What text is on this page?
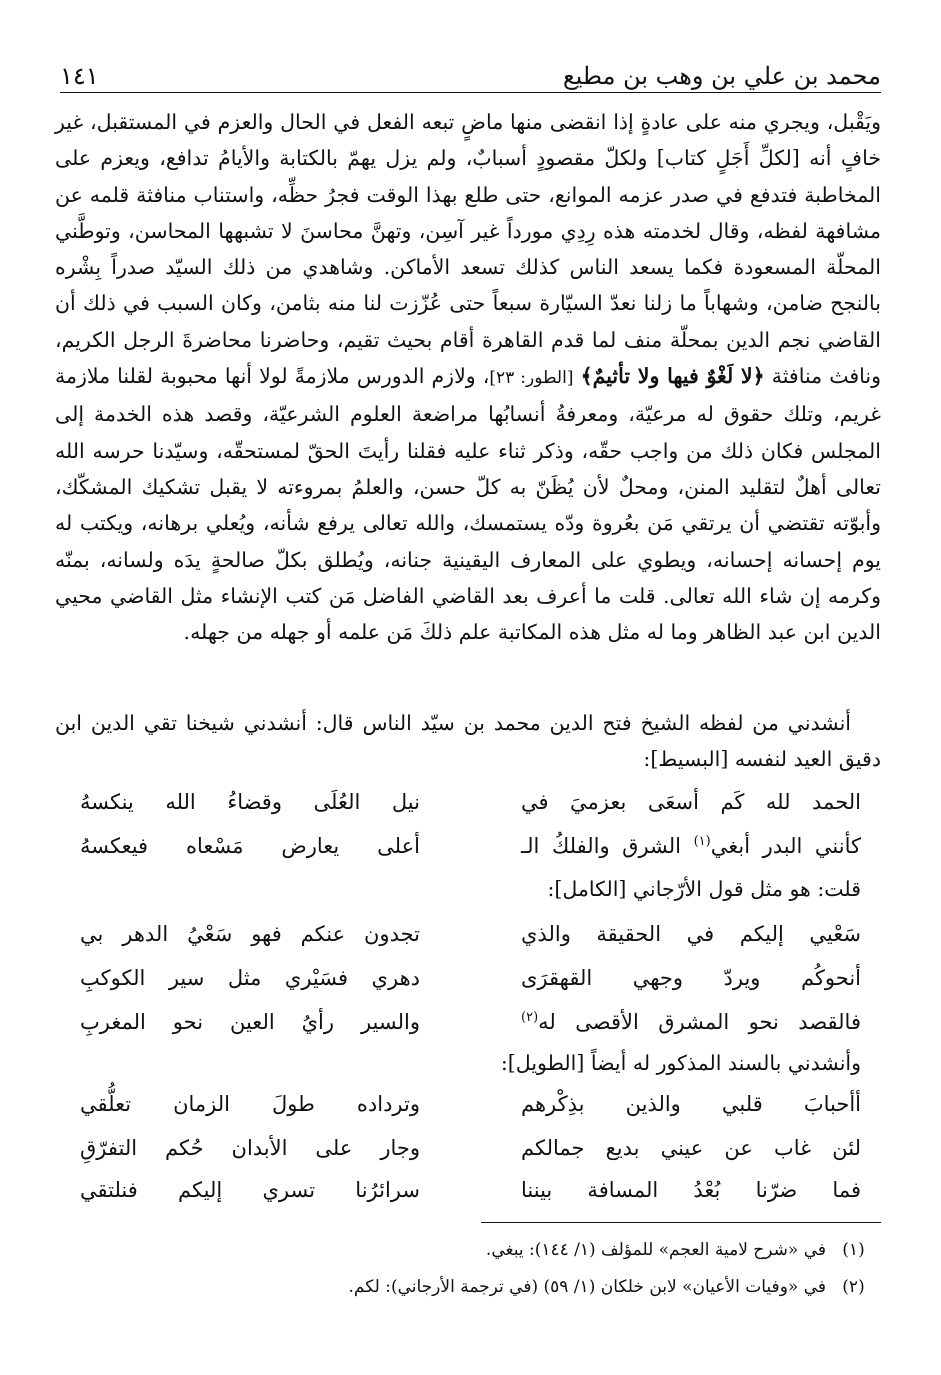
محمد بن علي بن وهب بن مطيع
١٤١

ويَقْبل، ويجري منه على عادةٍ إذا انقضى منها ماضٍ تبعه الفعل في الحال والعزم في المستقبل، غير خافٍ أنه [لكلِّ أَجَلٍ كتاب] ولكلّ مقصودٍ أسبابٌ، ولم يزل يهمّ بالكتابة والأيامُ تدافع، ويعزم على المخاطبة فتدفع في صدر عزمه الموانع، حتى طلع بهذا الوقت فجرُ حظِّه، واستناب منافثة قلمه عن مشافهة لفظه، وقال لخدمته هذه رِدِي مورداً غير آسِن، وتهنَّ محاسنَ لا تشبهها المحاسن، وتوطَّني المحلّة المسعودة فكما يسعد الناس كذلك تسعد الأماكن. وشاهدي من ذلك السيّد صدراً بِشْره بالنجح ضامن، وشهاباً ما زلنا نعدّ السيّارة سبعاً حتى عُزّزت لنا منه بثامن، وكان السبب في ذلك أن القاضي نجم الدين بمحلّة منف لما قدم القاهرة أقام بحيث تقيم، وحاضرنا محاضرةَ الرجل الكريم، ونافث منافثة ﴿لا لَغْوٌ فيها ولا تأثيمٌ﴾ [الطور: ٢٣]، ولازم الدورس ملازمةً لولا أنها محبوبة لقلنا ملازمة غريم، وتلك حقوق له مرعيّة، ومعرفةُ أنسابُها مراضعة العلوم الشرعيّة، وقصد هذه الخدمة إلى المجلس فكان ذلك من واجب حقّه، وذكر ثناء عليه فقلنا رأيتَ الحقّ لمستحقّه، وسيّدنا حرسه الله تعالى أهلٌ لتقليد المنن، ومحلٌ لأن يُظَنّ به كلّ حسن، والعلمُ بمروءته لا يقبل تشكيك المشكّك، وأبوّته تقتضي أن يرتقي مَن بعُروة ودّه يستمسك، والله تعالى يرفع شأنه، ويُعلي برهانه، ويكتب له يوم إحسانه إحسانه، ويطوي على المعارف اليقينية جنانه، ويُطلق بكلّ صالحةٍ يدَه ولسانه، بمنّه وكرمه إن شاء الله تعالى. قلت ما أعرف بعد القاضي الفاضل مَن كتب الإنشاء مثل القاضي محيي الدين ابن عبد الظاهر وما له مثل هذه المكاتبة علم ذلكَ مَن علمه أو جهله من جهله.

أنشدني من لفظه الشيخ فتح الدين محمد بن سيّد الناس قال: أنشدني شيخنا تقي الدين ابن دقيق العيد لنفسه [البسيط]:
الحمد لله كَم أسعَى بعزميَ في
نيل العُلَى وقضاءُ الله ينكسهُ
كأنني البدر أبغي$^{(١)}$ الشرق والفلكُ الـ
أعلى يعارض مَسْعاه فيعكسهُ
قلت: هو مثل قول الأرّجاني [الكامل]:
سَعْيي إليكم في الحقيقة والذي
تجدون عنكم فهو سَعْيُ الدهر بي
أنحوكُم ويردّ وجهي القهقرَى
دهري فسَيْري مثل سير الكوكبِ
فالقصد نحو المشرق الأقصى له$^{(٢)}$
والسير رأيُ العين نحو المغربِ
وأنشدني بالسند المذكور له أيضاً [الطويل]:
أأحبابَ قلبي والذين بذِكْرهم
وترداده طولَ الزمان تعلُّقي
لئن غاب عن عيني بديع جمالكم
وجار على الأبدان حُكم التفرّقِ
فما ضرّنا بُعْدُ المسافة بيننا
سرائرُنا تسري إليكم فنلتقي
(١)
في «شرح لامية العجم» للمؤلف (١/ ١٤٤): يبغي.
(٢)
في «وفيات الأعيان» لابن خلكان (١/ ٥٩) (في ترجمة الأرجاني): لكم.
